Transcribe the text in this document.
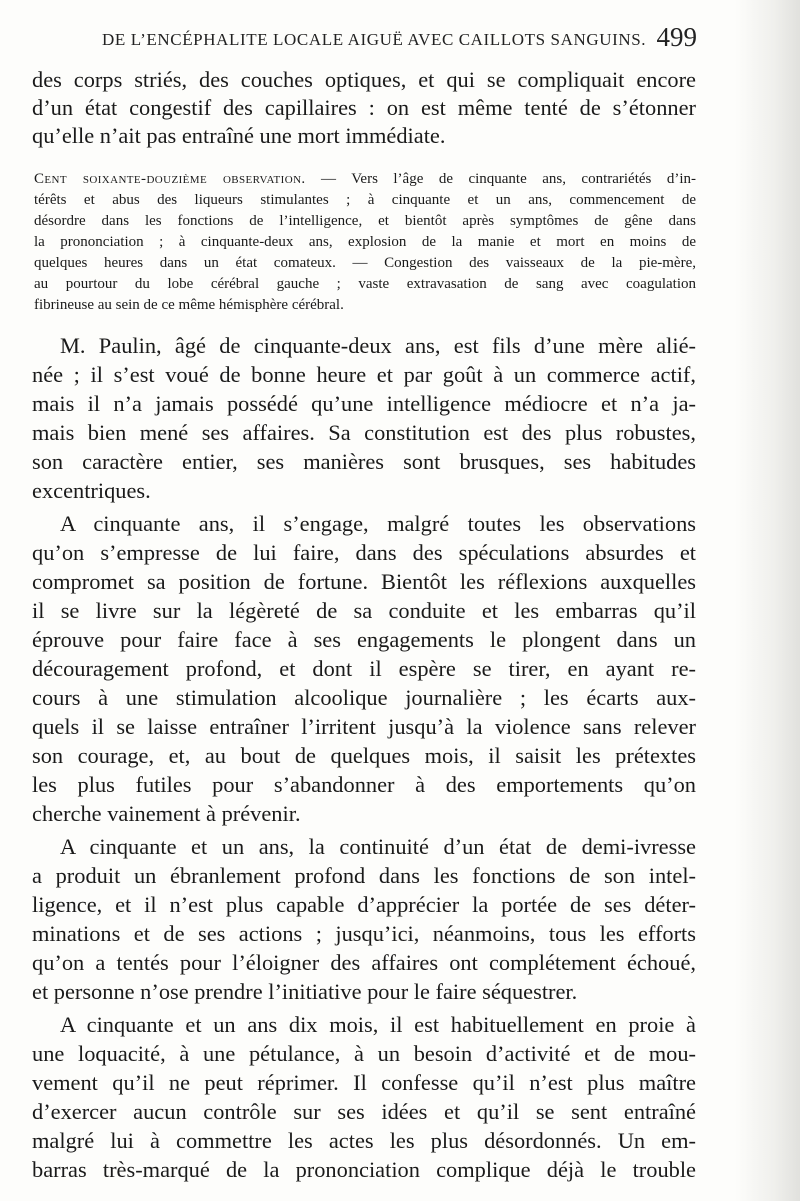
DE L’ENCÉPHALITE LOCALE AIGUË AVEC CAILLOTS SANGUINS. 499
des corps striés, des couches optiques, et qui se compliquait encore
d’un état congestif des capillaires : on est même tenté de s’étonner
qu’elle n’ait pas entraîné une mort immédiate.
Cent soixante-douzième observation. — Vers l’âge de cinquante ans, contrariétés d’in-
térêts et abus des liqueurs stimulantes ; à cinquante et un ans, commencement de
désordre dans les fonctions de l’intelligence, et bientôt après symptômes de gêne dans
la prononciation ; à cinquante-deux ans, explosion de la manie et mort en moins de
quelques heures dans un état comateux. — Congestion des vaisseaux de la pie-mère,
au pourtour du lobe cérébral gauche ; vaste extravasation de sang avec coagulation
fibrineuse au sein de ce même hémisphère cérébral.
M. Paulin, âgé de cinquante-deux ans, est fils d’une mère alié-
née ; il s’est voué de bonne heure et par goût à un commerce actif,
mais il n’a jamais possédé qu’une intelligence médiocre et n’a ja-
mais bien mené ses affaires. Sa constitution est des plus robustes,
son caractère entier, ses manières sont brusques, ses habitudes
excentriques.
A cinquante ans, il s’engage, malgré toutes les observations
qu’on s’empresse de lui faire, dans des spéculations absurdes et
compromet sa position de fortune. Bientôt les réflexions auxquelles
il se livre sur la légèreté de sa conduite et les embarras qu’il
éprouve pour faire face à ses engagements le plongent dans un
découragement profond, et dont il espère se tirer, en ayant re-
cours à une stimulation alcoolique journalière ; les écarts aux-
quels il se laisse entraîner l’irritent jusqu’à la violence sans relever
son courage, et, au bout de quelques mois, il saisit les prétextes
les plus futiles pour s’abandonner à des emportements qu’on
cherche vainement à prévenir.
A cinquante et un ans, la continuité d’un état de demi-ivresse
a produit un ébranlement profond dans les fonctions de son intel-
ligence, et il n’est plus capable d’apprécier la portée de ses déter-
minations et de ses actions ; jusqu’ici, néanmoins, tous les efforts
qu’on a tentés pour l’éloigner des affaires ont complétement échoué,
et personne n’ose prendre l’initiative pour le faire séquestrer.
A cinquante et un ans dix mois, il est habituellement en proie à
une loquacité, à une pétulance, à un besoin d’activité et de mou-
vement qu’il ne peut réprimer. Il confesse qu’il n’est plus maître
d’exercer aucun contrôle sur ses idées et qu’il se sent entraîné
malgré lui à commettre les actes les plus désordonnés. Un em-
barras très-marqué de la prononciation complique déjà le trouble
